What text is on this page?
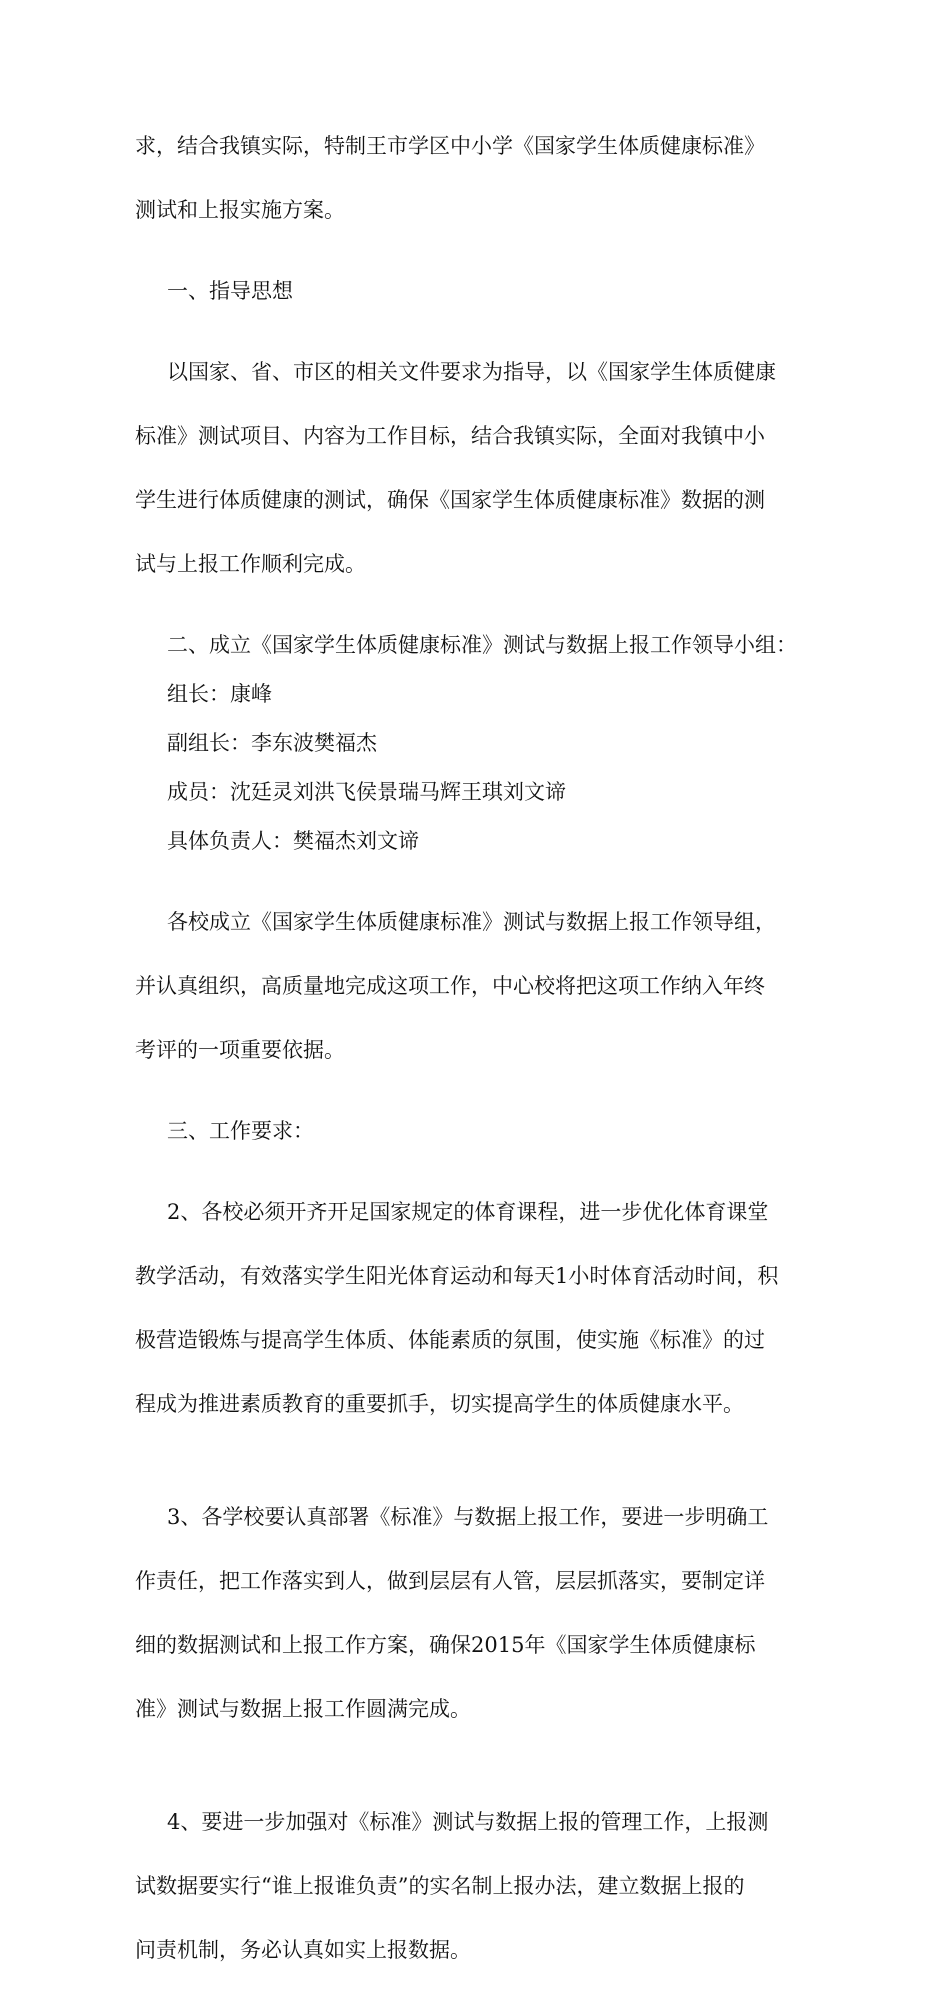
求，结合我镇实际，特制王市学区中小学《国家学生体质健康标准》

测试和上报实施方案。

一、指导思想

以国家、省、市区的相关文件要求为指导，以《国家学生体质健康

标准》测试项目、内容为工作目标，结合我镇实际，全面对我镇中小

学生进行体质健康的测试，确保《国家学生体质健康标准》数据的测

试与上报工作顺利完成。

二、成立《国家学生体质健康标准》测试与数据上报工作领导小组：

组长：康峰

副组长：李东波樊福杰

成员：沈廷灵刘洪飞侯景瑞马辉王琪刘文谛

具体负责人：樊福杰刘文谛

各校成立《国家学生体质健康标准》测试与数据上报工作领导组，

并认真组织，高质量地完成这项工作，中心校将把这项工作纳入年终

考评的一项重要依据。

三、工作要求：

2、各校必须开齐开足国家规定的体育课程，进一步优化体育课堂

教学活动，有效落实学生阳光体育运动和每天1小时体育活动时间，积

极营造锻炼与提高学生体质、体能素质的氛围，使实施《标准》的过

程成为推进素质教育的重要抓手，切实提高学生的体质健康水平。

3、各学校要认真部署《标准》与数据上报工作，要进一步明确工

作责任，把工作落实到人，做到层层有人管，层层抓落实，要制定详

细的数据测试和上报工作方案，确保2015年《国家学生体质健康标

准》测试与数据上报工作圆满完成。

4、要进一步加强对《标准》测试与数据上报的管理工作，上报测

试数据要实行“谁上报谁负责”的实名制上报办法，建立数据上报的

问责机制，务必认真如实上报数据。
